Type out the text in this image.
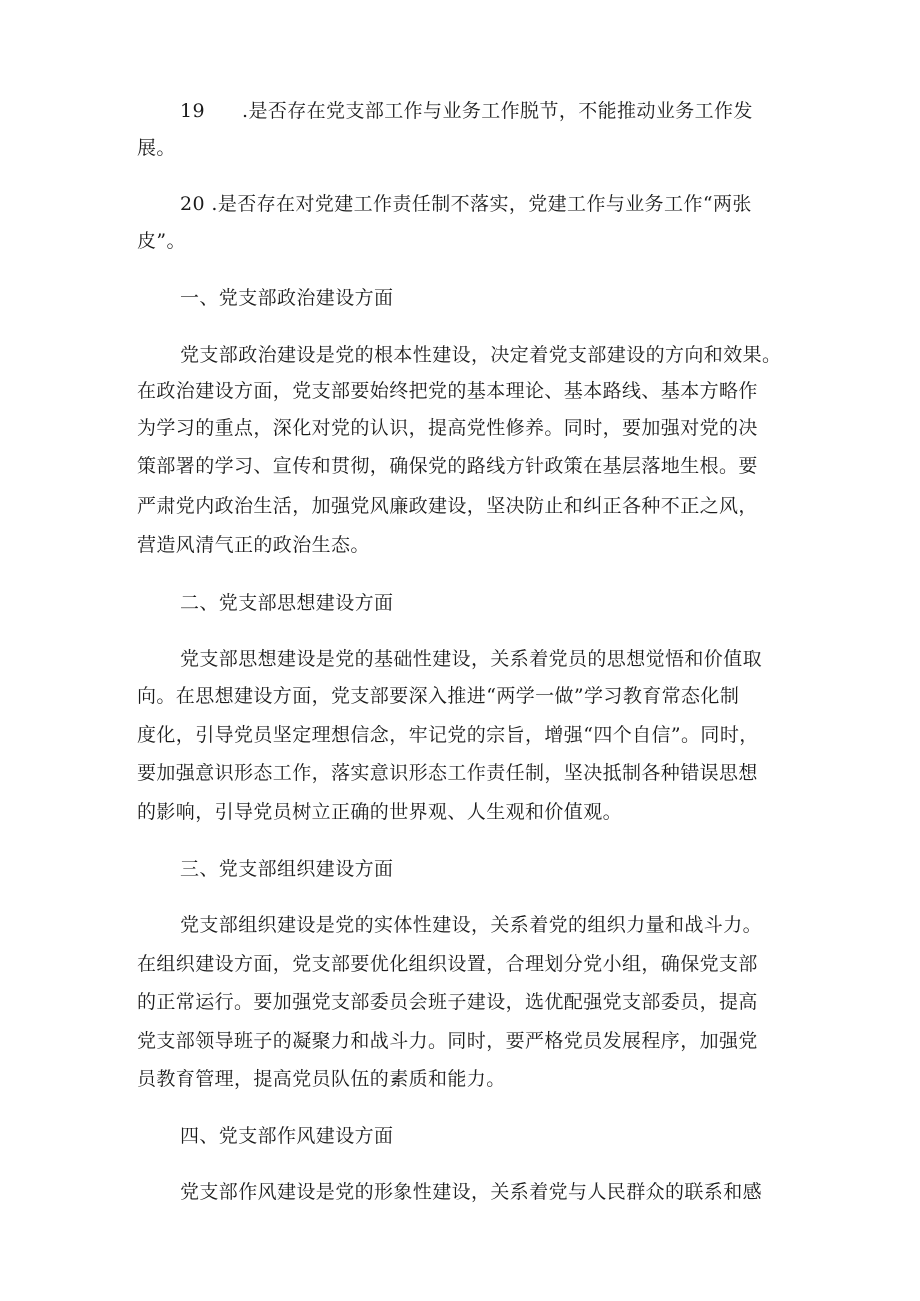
19 .是否存在党支部工作与业务工作脱节，不能推动业务工作发
展。
20 .是否存在对党建工作责任制不落实，党建工作与业务工作“两张
皮”。
一、党支部政治建设方面
党支部政治建设是党的根本性建设，决定着党支部建设的方向和效果。
在政治建设方面，党支部要始终把党的基本理论、基本路线、基本方略作
为学习的重点，深化对党的认识，提高党性修养。同时，要加强对党的决
策部署的学习、宣传和贯彻，确保党的路线方针政策在基层落地生根。要
严肃党内政治生活，加强党风廉政建设，坚决防止和纠正各种不正之风，
营造风清气正的政治生态。
二、党支部思想建设方面
党支部思想建设是党的基础性建设，关系着党员的思想觉悟和价值取
向。在思想建设方面，党支部要深入推进“两学一做”学习教育常态化制
度化，引导党员坚定理想信念，牢记党的宗旨，增强“四个自信”。同时，
要加强意识形态工作，落实意识形态工作责任制，坚决抵制各种错误思想
的影响，引导党员树立正确的世界观、人生观和价值观。
三、党支部组织建设方面
党支部组织建设是党的实体性建设，关系着党的组织力量和战斗力。
在组织建设方面，党支部要优化组织设置，合理划分党小组，确保党支部
的正常运行。要加强党支部委员会班子建设，选优配强党支部委员，提高
党支部领导班子的凝聚力和战斗力。同时，要严格党员发展程序，加强党
员教育管理，提高党员队伍的素质和能力。
四、党支部作风建设方面
党支部作风建设是党的形象性建设，关系着党与人民群众的联系和感
